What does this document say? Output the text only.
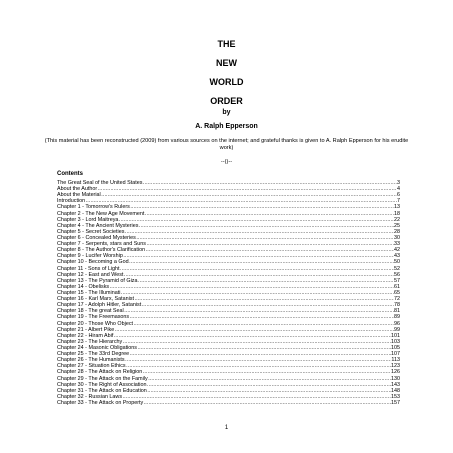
THE
NEW
WORLD
ORDER
by
A. Ralph Epperson
(This material has been reconstructed (2009) from various sources on the internet; and grateful thanks is given to A. Ralph Epperson for his erudite work)
--()--
Contents
The Great Seal of the United States .....	3
About the Author .....	4
About the Material .....	6
Introduction .....	7
Chapter 1 - Tomorrow's Rulers .....	13
Chapter 2 - The New Age Movement .....	18
Chapter 3 - Lord Maitreya .....	22
Chapter 4 - The Ancient Mysteries .....	25
Chapter 5 - Secret Societies .....	28
Chapter 6 - Concealed Mysteries .....	30
Chapter 7 - Serpents, stars and Suns .....	33
Chapter 8 - The Author's Clarification .....	42
Chapter 9 - Lucifer Worship .....	43
Chapter 10 - Becoming a God .....	50
Chapter 11 - Sons of Light .....	52
Chapter 12 - East and West .....	56
Chapter 13 - The Pyramid of Giza .....	57
Chapter 14 - Obelisks .....	61
Chapter 15 - The Illuminati .....	65
Chapter 16 - Karl Marx, Satanist .....	72
Chapter 17 - Adolph Hitler, Satanist .....	78
Chapter 18 - The great Seal .....	81
Chapter 19 - The Freemasons .....	89
Chapter 20 - Those Who Object .....	96
Chapter 21 - Albert Pike .....	99
Chapter 22 - Hiram Abif .....	101
Chapter 23 - The Hierarchy .....	103
Chapter 24 - Masonic Obligations .....	105
Chapter 25 - The 33rd Degree .....	107
Chapter 26 - The Humanists .....	113
Chapter 27 - Situation Ethics .....	123
Chapter 28 - The Attack on Religion .....	126
Chapter 29 - The Attack on the Family .....	130
Chapter 30 - The Right of Association .....	143
Chapter 31 - The Attack on Education .....	148
Chapter 32 - Russian Laws .....	153
Chapter 33 - The Attack on Property .....	157
1
